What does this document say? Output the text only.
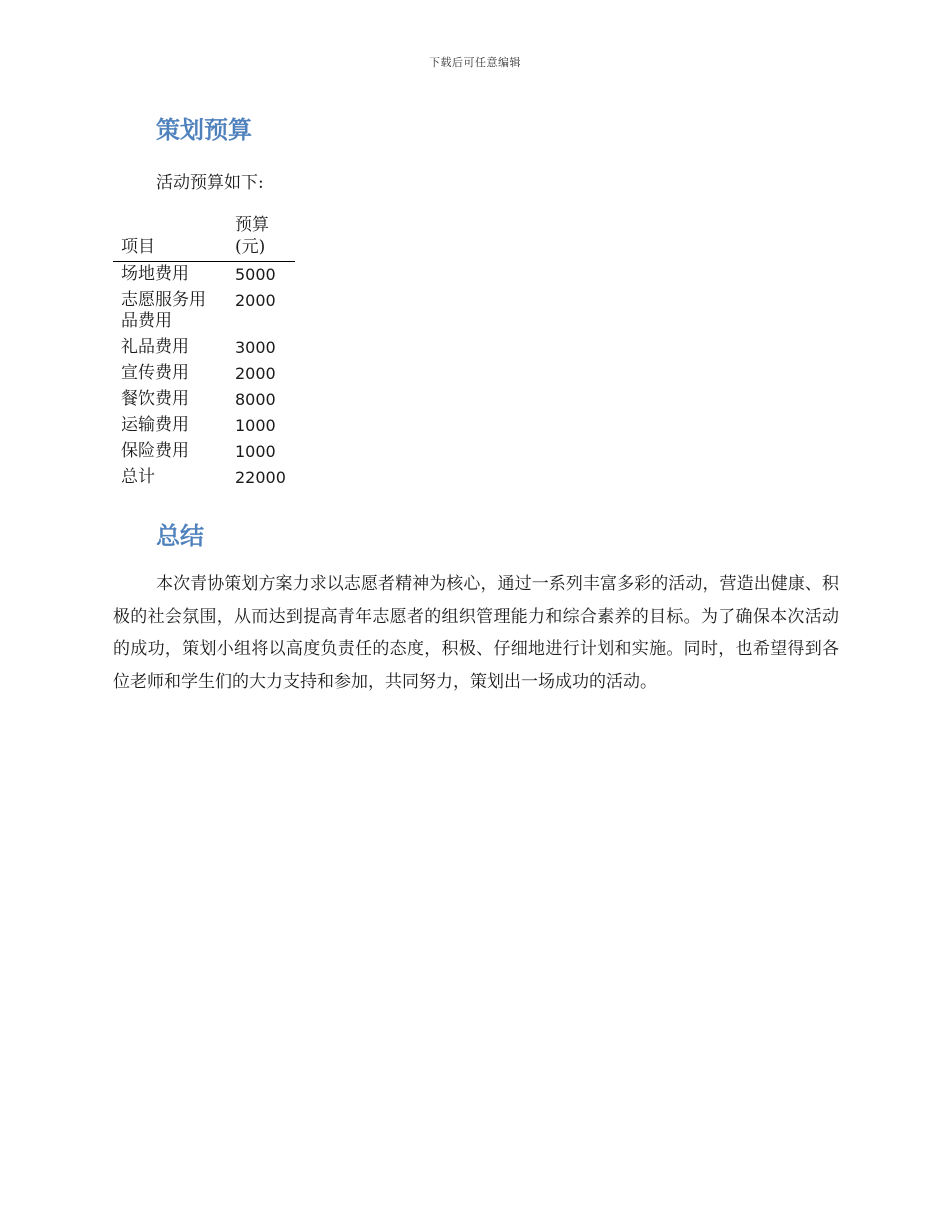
下载后可任意编辑
策划预算

活动预算如下:

项目	预算
(元)
场地费用	5000
志愿服务用品费用	2000
礼品费用	3000
宣传费用	2000
餐饮费用	8000
运输费用	1000
保险费用	1000
总计	22000
总结

本次青协策划方案力求以志愿者精神为核心，通过一系列丰富多彩的活动，营造出健康、积极的社会氛围，从而达到提高青年志愿者的组织管理能力和综合素养的目标。为了确保本次活动的成功，策划小组将以高度负责任的态度，积极、仔细地进行计划和实施。同时，也希望得到各位老师和学生们的大力支持和参加，共同努力，策划出一场成功的活动。
